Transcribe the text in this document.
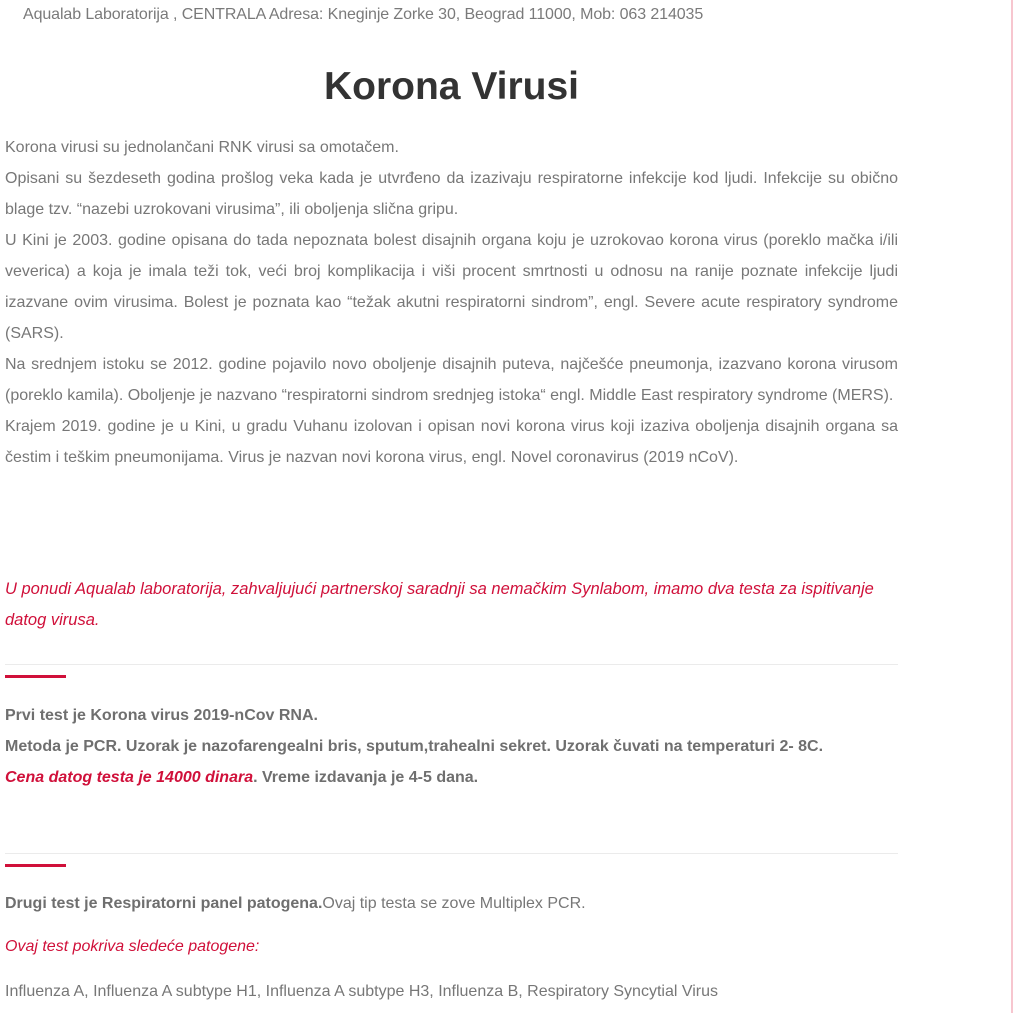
Aqualab Laboratorija , CENTRALA Adresa: Kneginje Zorke 30, Beograd 11000, Mob: 063 214035
Korona Virusi

Korona virusi su jednolančani RNK virusi sa omotačem.

Opisani su šezdeseth godina prošlog veka kada je utvrđeno da izazivaju respiratorne infekcije kod ljudi. Infekcije su obično blage tzv. “nazebi uzrokovani virusima”, ili oboljenja slična gripu.

U Kini je 2003. godine opisana do tada nepoznata bolest disajnih organa koju je uzrokovao korona virus (poreklo mačka i/ili veverica) a koja je imala teži tok, veći broj komplikacija i viši procent smrtnosti u odnosu na ranije poznate infekcije ljudi izazvane ovim virusima. Bolest je poznata kao “težak akutni respiratorni sindrom”, engl. Severe acute respiratory syndrome (SARS).

Na srednjem istoku se 2012. godine pojavilo novo oboljenje disajnih puteva, najčešće pneumonja, izazvano korona virusom (poreklo kamila). Oboljenje je nazvano “respiratorni sindrom srednjeg istoka“ engl. Middle East respiratory syndrome (MERS).

Krajem 2019. godine je u Kini, u gradu Vuhanu izolovan i opisan novi korona virus koji izaziva oboljenja disajnih organa sa čestim i teškim pneumonijama. Virus je nazvan novi korona virus, engl. Novel coronavirus (2019 nCoV).

U ponudi Aqualab laboratorija, zahvaljujući partnerskoj saradnji sa nemačkim Synlabom, imamo dva testa za ispitivanje datog virusa.

Prvi test je Korona virus 2019-nCov RNA.

Metoda je PCR. Uzorak je nazofarengealni bris, sputum,trahealni sekret. Uzorak čuvati na temperaturi 2- 8C.

Cena datog testa je 14000 dinara. Vreme izdavanja je 4-5 dana.

Drugi test je Respiratorni panel patogena.Ovaj tip testa se zove Multiplex PCR.

Ovaj test pokriva sledeće patogene:

Influenza A, Influenza A subtype H1, Influenza A subtype H3, Influenza B, Respiratory Syncytial Virus
